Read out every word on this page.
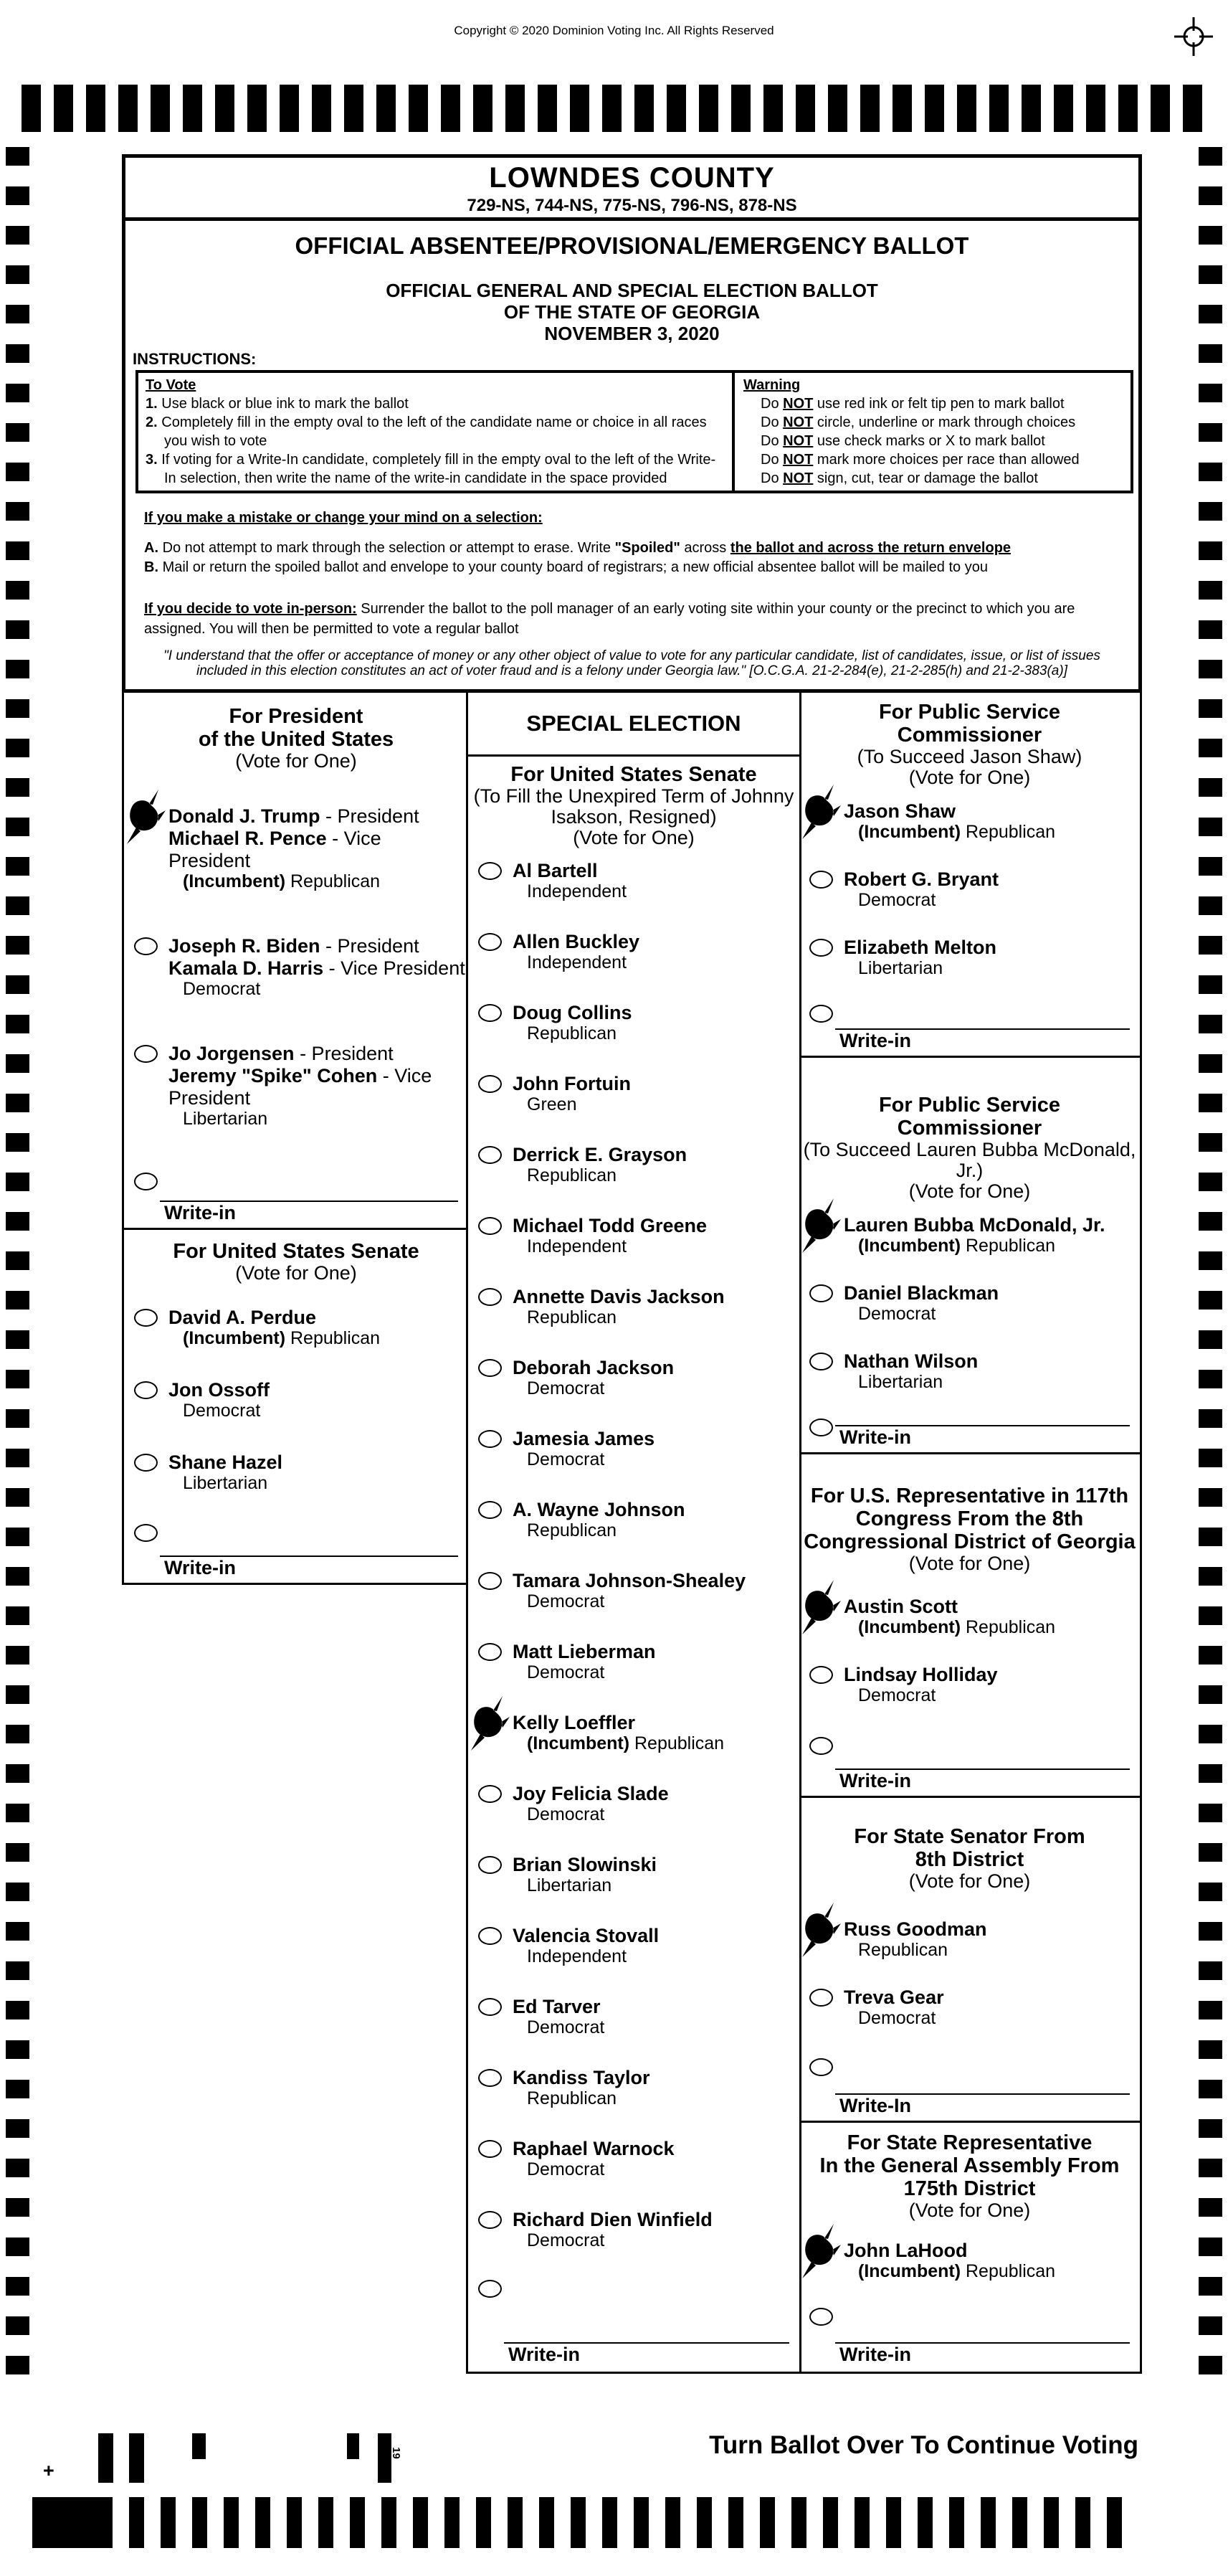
Copyright © 2020 Dominion Voting Inc. All Rights Reserved
LOWNDES COUNTY
729-NS, 744-NS, 775-NS, 796-NS, 878-NS
OFFICIAL ABSENTEE/PROVISIONAL/EMERGENCY BALLOT
OFFICIAL GENERAL AND SPECIAL ELECTION BALLOT
OF THE STATE OF GEORGIA
NOVEMBER 3, 2020
INSTRUCTIONS:
To Vote
1. Use black or blue ink to mark the ballot
2. Completely fill in the empty oval to the left of the candidate name or choice in all races you wish to vote
3. If voting for a Write-In candidate, completely fill in the empty oval to the left of the Write-In selection, then write the name of the write-in candidate in the space provided
Warning
Do NOT use red ink or felt tip pen to mark ballot
Do NOT circle, underline or mark through choices
Do NOT use check marks or X to mark ballot
Do NOT mark more choices per race than allowed
Do NOT sign, cut, tear or damage the ballot
If you make a mistake or change your mind on a selection:
A. Do not attempt to mark through the selection or attempt to erase. Write "Spoiled" across the ballot and across the return envelope
B. Mail or return the spoiled ballot and envelope to your county board of registrars; a new official absentee ballot will be mailed to you
If you decide to vote in-person: Surrender the ballot to the poll manager of an early voting site within your county or the precinct to which you are assigned. You will then be permitted to vote a regular ballot
"I understand that the offer or acceptance of money or any other object of value to vote for any particular candidate, list of candidates, issue, or list of issues included in this election constitutes an act of voter fraud and is a felony under Georgia law." [O.C.G.A. 21-2-284(e), 21-2-285(h) and 21-2-383(a)]
For President
of the United States
(Vote for One)
Donald J. Trump - President
Michael R. Pence - Vice President
(Incumbent) Republican
Joseph R. Biden - President
Kamala D. Harris - Vice President
Democrat
Jo Jorgensen - President
Jeremy "Spike" Cohen - Vice President
Libertarian
Write-in
For United States Senate
(Vote for One)
David A. Perdue
(Incumbent) Republican
Jon Ossoff
Democrat
Shane Hazel
Libertarian
Write-in
SPECIAL ELECTION
For United States Senate
(To Fill the Unexpired Term of Johnny
Isakson, Resigned)
(Vote for One)
Al Bartell
Independent
Allen Buckley
Independent
Doug Collins
Republican
John Fortuin
Green
Derrick E. Grayson
Republican
Michael Todd Greene
Independent
Annette Davis Jackson
Republican
Deborah Jackson
Democrat
Jamesia James
Democrat
A. Wayne Johnson
Republican
Tamara Johnson-Shealey
Democrat
Matt Lieberman
Democrat
Kelly Loeffler
(Incumbent) Republican
Joy Felicia Slade
Democrat
Brian Slowinski
Libertarian
Valencia Stovall
Independent
Ed Tarver
Democrat
Kandiss Taylor
Republican
Raphael Warnock
Democrat
Richard Dien Winfield
Democrat
Write-in
For Public Service
Commissioner
(To Succeed Jason Shaw)
(Vote for One)
Jason Shaw
(Incumbent) Republican
Robert G. Bryant
Democrat
Elizabeth Melton
Libertarian
Write-in
For Public Service
Commissioner
(To Succeed Lauren Bubba McDonald, Jr.)
(Vote for One)
Lauren Bubba McDonald, Jr.
(Incumbent) Republican
Daniel Blackman
Democrat
Nathan Wilson
Libertarian
Write-in
For U.S. Representative in 117th
Congress From the 8th
Congressional District of Georgia
(Vote for One)
Austin Scott
(Incumbent) Republican
Lindsay Holliday
Democrat
Write-in
For State Senator From
8th District
(Vote for One)
Russ Goodman
Republican
Treva Gear
Democrat
Write-In
For State Representative
In the General Assembly From
175th District
(Vote for One)
John LaHood
(Incumbent) Republican
Write-in
Turn Ballot Over To Continue Voting
+
19
